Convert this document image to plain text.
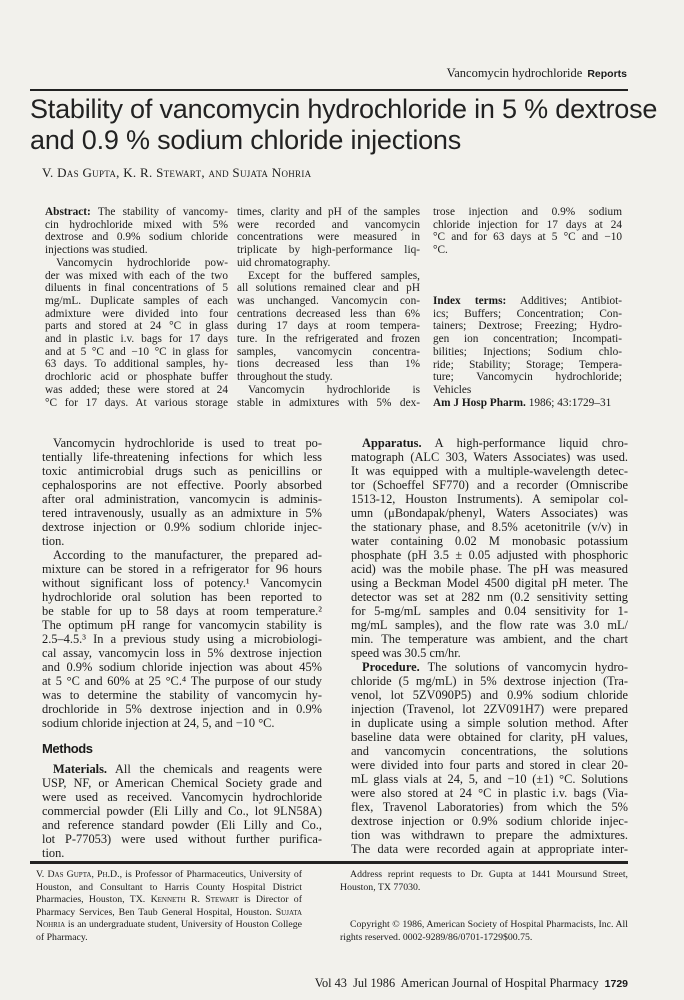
Vancomycin hydrochloride Reports
Stability of vancomycin hydrochloride in 5 % dextrose
and 0.9 % sodium chloride injections
V. Das Gupta, K. R. Stewart, and Sujata Nohria
Abstract: The stability of vancomy-
cin hydrochloride mixed with 5%
dextrose and 0.9% sodium chloride
injections was studied.
Vancomycin hydrochloride pow-
der was mixed with each of the two
diluents in final concentrations of 5
mg/mL. Duplicate samples of each
admixture were divided into four
parts and stored at 24 °C in glass
and in plastic i.v. bags for 17 days
and at 5 °C and −10 °C in glass for
63 days. To additional samples, hy-
drochloric acid or phosphate buffer
was added; these were stored at 24
°C for 17 days. At various storage
times, clarity and pH of the samples
were recorded and vancomycin
concentrations were measured in
triplicate by high-performance liq-
uid chromatography.
Except for the buffered samples,
all solutions remained clear and pH
was unchanged. Vancomycin con-
centrations decreased less than 6%
during 17 days at room tempera-
ture. In the refrigerated and frozen
samples, vancomycin concentra-
tions decreased less than 1%
throughout the study.
Vancomycin hydrochloride is
stable in admixtures with 5% dex-
trose injection and 0.9% sodium
chloride injection for 17 days at 24
°C and for 63 days at 5 °C and −10
°C.
Index terms: Additives; Antibiot-
ics; Buffers; Concentration; Con-
tainers; Dextrose; Freezing; Hydro-
gen ion concentration; Incompati-
bilities; Injections; Sodium chlo-
ride; Stability; Storage; Tempera-
ture; Vancomycin hydrochloride;
Vehicles
Am J Hosp Pharm. 1986; 43:1729–31
Vancomycin hydrochloride is used to treat po-
tentially life-threatening infections for which less
toxic antimicrobial drugs such as penicillins or
cephalosporins are not effective. Poorly absorbed
after oral administration, vancomycin is adminis-
tered intravenously, usually as an admixture in 5%
dextrose injection or 0.9% sodium chloride injec-
tion.
According to the manufacturer, the prepared ad-
mixture can be stored in a refrigerator for 96 hours
without significant loss of potency.¹ Vancomycin
hydrochloride oral solution has been reported to
be stable for up to 58 days at room temperature.²
The optimum pH range for vancomycin stability is
2.5–4.5.³ In a previous study using a microbiologi-
cal assay, vancomycin loss in 5% dextrose injection
and 0.9% sodium chloride injection was about 45%
at 5 °C and 60% at 25 °C.⁴ The purpose of our study
was to determine the stability of vancomycin hy-
drochloride in 5% dextrose injection and in 0.9%
sodium chloride injection at 24, 5, and −10 °C.
Methods
Materials. All the chemicals and reagents were
USP, NF, or American Chemical Society grade and
were used as received. Vancomycin hydrochloride
commercial powder (Eli Lilly and Co., lot 9LN58A)
and reference standard powder (Eli Lilly and Co.,
lot P-77053) were used without further purifica-
tion.
Apparatus. A high-performance liquid chro-
matograph (ALC 303, Waters Associates) was used.
It was equipped with a multiple-wavelength detec-
tor (Schoeffel SF770) and a recorder (Omniscribe
1513-12, Houston Instruments). A semipolar col-
umn (μBondapak/phenyl, Waters Associates) was
the stationary phase, and 8.5% acetonitrile (v/v) in
water containing 0.02 M monobasic potassium
phosphate (pH 3.5 ± 0.05 adjusted with phosphoric
acid) was the mobile phase. The pH was measured
using a Beckman Model 4500 digital pH meter. The
detector was set at 282 nm (0.2 sensitivity setting
for 5-mg/mL samples and 0.04 sensitivity for 1-
mg/mL samples), and the flow rate was 3.0 mL/
min. The temperature was ambient, and the chart
speed was 30.5 cm/hr.
Procedure. The solutions of vancomycin hydro-
chloride (5 mg/mL) in 5% dextrose injection (Tra-
venol, lot 5ZV090P5) and 0.9% sodium chloride
injection (Travenol, lot 2ZV091H7) were prepared
in duplicate using a simple solution method. After
baseline data were obtained for clarity, pH values,
and vancomycin concentrations, the solutions
were divided into four parts and stored in clear 20-
mL glass vials at 24, 5, and −10 (±1) °C. Solutions
were also stored at 24 °C in plastic i.v. bags (Via-
flex, Travenol Laboratories) from which the 5%
dextrose injection or 0.9% sodium chloride injec-
tion was withdrawn to prepare the admixtures.
The data were recorded again at appropriate inter-
V. Das Gupta, Ph.D., is Professor of Pharmaceutics, University of Houston, and Consultant to Harris County Hospital District Pharmacies, Houston, TX. Kenneth R. Stewart is Director of Pharmacy Services, Ben Taub General Hospital, Houston. Sujata Nohria is an undergraduate student, University of Houston College of Pharmacy.
Address reprint requests to Dr. Gupta at 1441 Moursund Street, Houston, TX 77030.
Copyright © 1986, American Society of Hospital Pharmacists, Inc. All rights reserved. 0002-9289/86/0701-1729$00.75.
Vol 43  Jul 1986  American Journal of Hospital Pharmacy 1729
